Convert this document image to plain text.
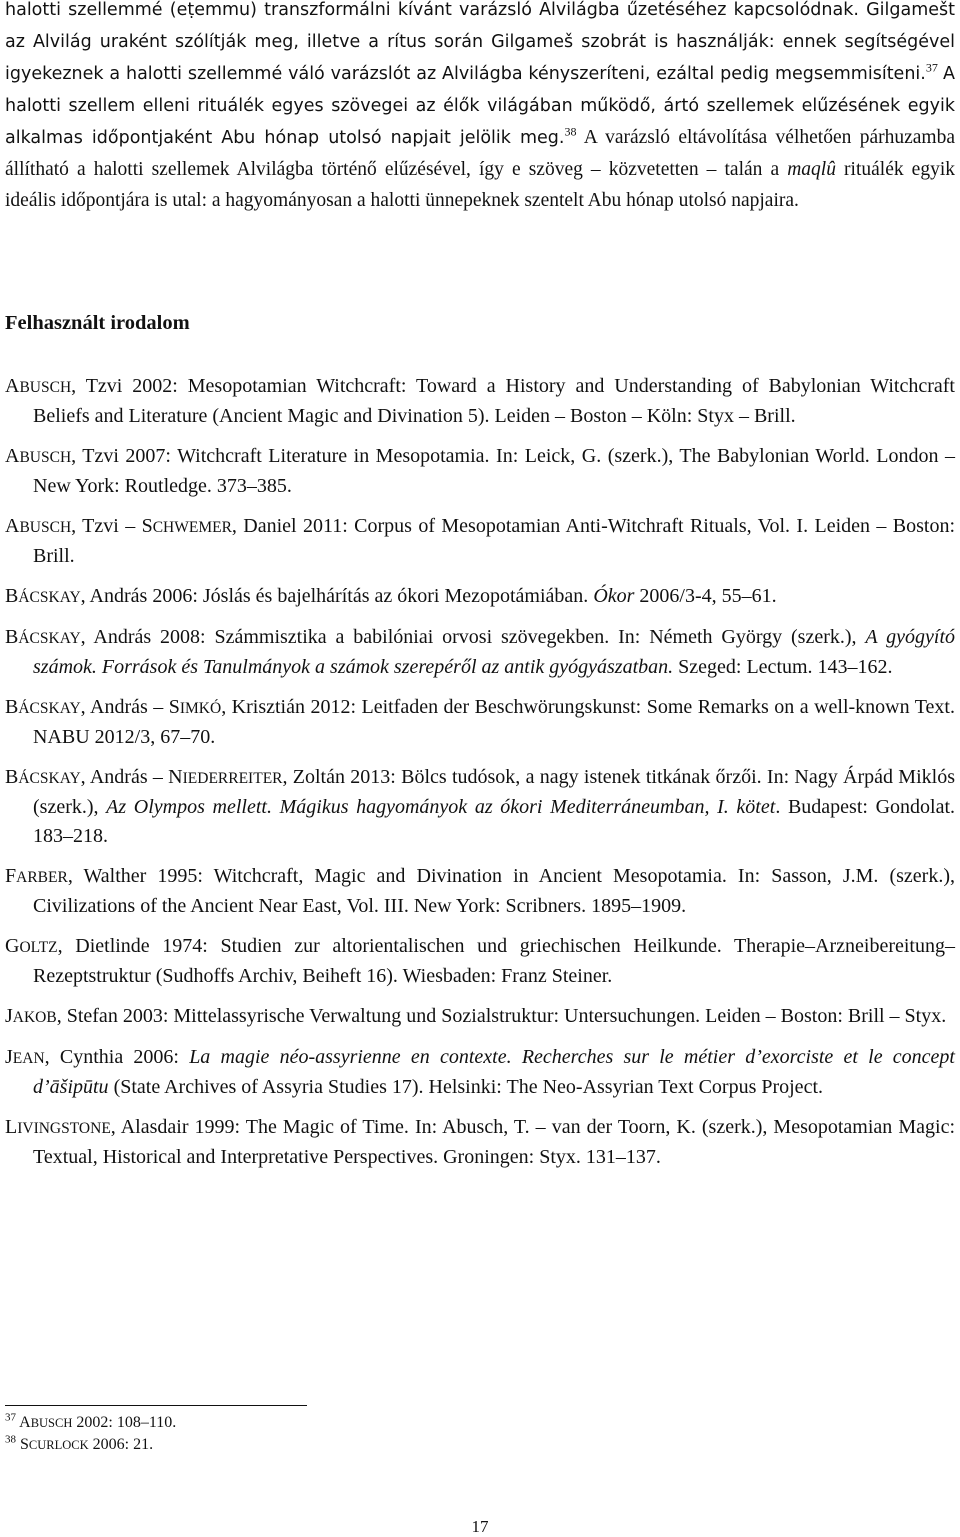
halotti szellemmé (eṭemmu) transzformálni kívánt varázsló Alvilágba űzetéséhez kapcsolódnak. Gilgamešt az Alvilág uraként szólítják meg, illetve a rítus során Gilgameš szobrát is használják: ennek segítségével igyekeznek a halotti szellemmé váló varázslót az Alvilágba kényszeríteni, ezáltal pedig megsemmisíteni.$^{37}$ A halotti szellem elleni rituálék egyes szövegei az élők világában működő, ártó szellemek elűzésének egyik alkalmas időpontjaként Abu hónap utolsó napjait jelölik meg.$^{38}$ A varázsló eltávolítása vélhetően párhuzamba állítható a halotti szellemek Alvilágba történő elűzésével, így e szöveg – közvetetten – talán a maqlû rituálék egyik ideális időpontjára is utal: a hagyományosan a halotti ünnepeknek szentelt Abu hónap utolsó napjaira.

Felhasznált irodalom
ABUSCH, Tzvi 2002: Mesopotamian Witchcraft: Toward a History and Understanding of Babylonian Witchcraft Beliefs and Literature (Ancient Magic and Divination 5). Leiden – Boston – Köln: Styx – Brill.
ABUSCH, Tzvi 2007: Witchcraft Literature in Mesopotamia. In: Leick, G. (szerk.), The Babylonian World. London – New York: Routledge. 373–385.
ABUSCH, Tzvi – SCHWEMER, Daniel 2011: Corpus of Mesopotamian Anti-Witchraft Rituals, Vol. I. Leiden – Boston: Brill.
BÁCSKAY, András 2006: Jóslás és bajelhárítás az ókori Mezopotámiában. Ókor 2006/3-4, 55–61.
BÁCSKAY, András 2008: Számmisztika a babilóniai orvosi szövegekben. In: Németh György (szerk.), A gyógyító számok. Források és Tanulmányok a számok szerepéről az antik gyógyászatban. Szeged: Lectum. 143–162.
BÁCSKAY, András – SIMKÓ, Krisztián 2012: Leitfaden der Beschwörungskunst: Some Remarks on a well-known Text. NABU 2012/3, 67–70.
BÁCSKAY, András – NIEDERREITER, Zoltán 2013: Bölcs tudósok, a nagy istenek titkának őrzői. In: Nagy Árpád Miklós (szerk.), Az Olympos mellett. Mágikus hagyományok az ókori Mediterráneumban, I. kötet. Budapest: Gondolat. 183–218.
FARBER, Walther 1995: Witchcraft, Magic and Divination in Ancient Mesopotamia. In: Sasson, J.M. (szerk.), Civilizations of the Ancient Near East, Vol. III. New York: Scribners. 1895–1909.
GOLTZ, Dietlinde 1974: Studien zur altorientalischen und griechischen Heilkunde. Therapie–Arzneibereitung–Rezeptstruktur (Sudhoffs Archiv, Beiheft 16). Wiesbaden: Franz Steiner.
JAKOB, Stefan 2003: Mittelassyrische Verwaltung und Sozialstruktur: Untersuchungen. Leiden – Boston: Brill – Styx.
JEAN, Cynthia 2006: La magie néo-assyrienne en contexte. Recherches sur le métier d’exorciste et le concept d’āšipūtu (State Archives of Assyria Studies 17). Helsinki: The Neo-Assyrian Text Corpus Project.
LIVINGSTONE, Alasdair 1999: The Magic of Time. In: Abusch, T. – van der Toorn, K. (szerk.), Mesopotamian Magic: Textual, Historical and Interpretative Perspectives. Groningen: Styx. 131–137.
$^{37}$ ABUSCH 2002: 108–110.
$^{38}$ SCURLOCK 2006: 21.

17
